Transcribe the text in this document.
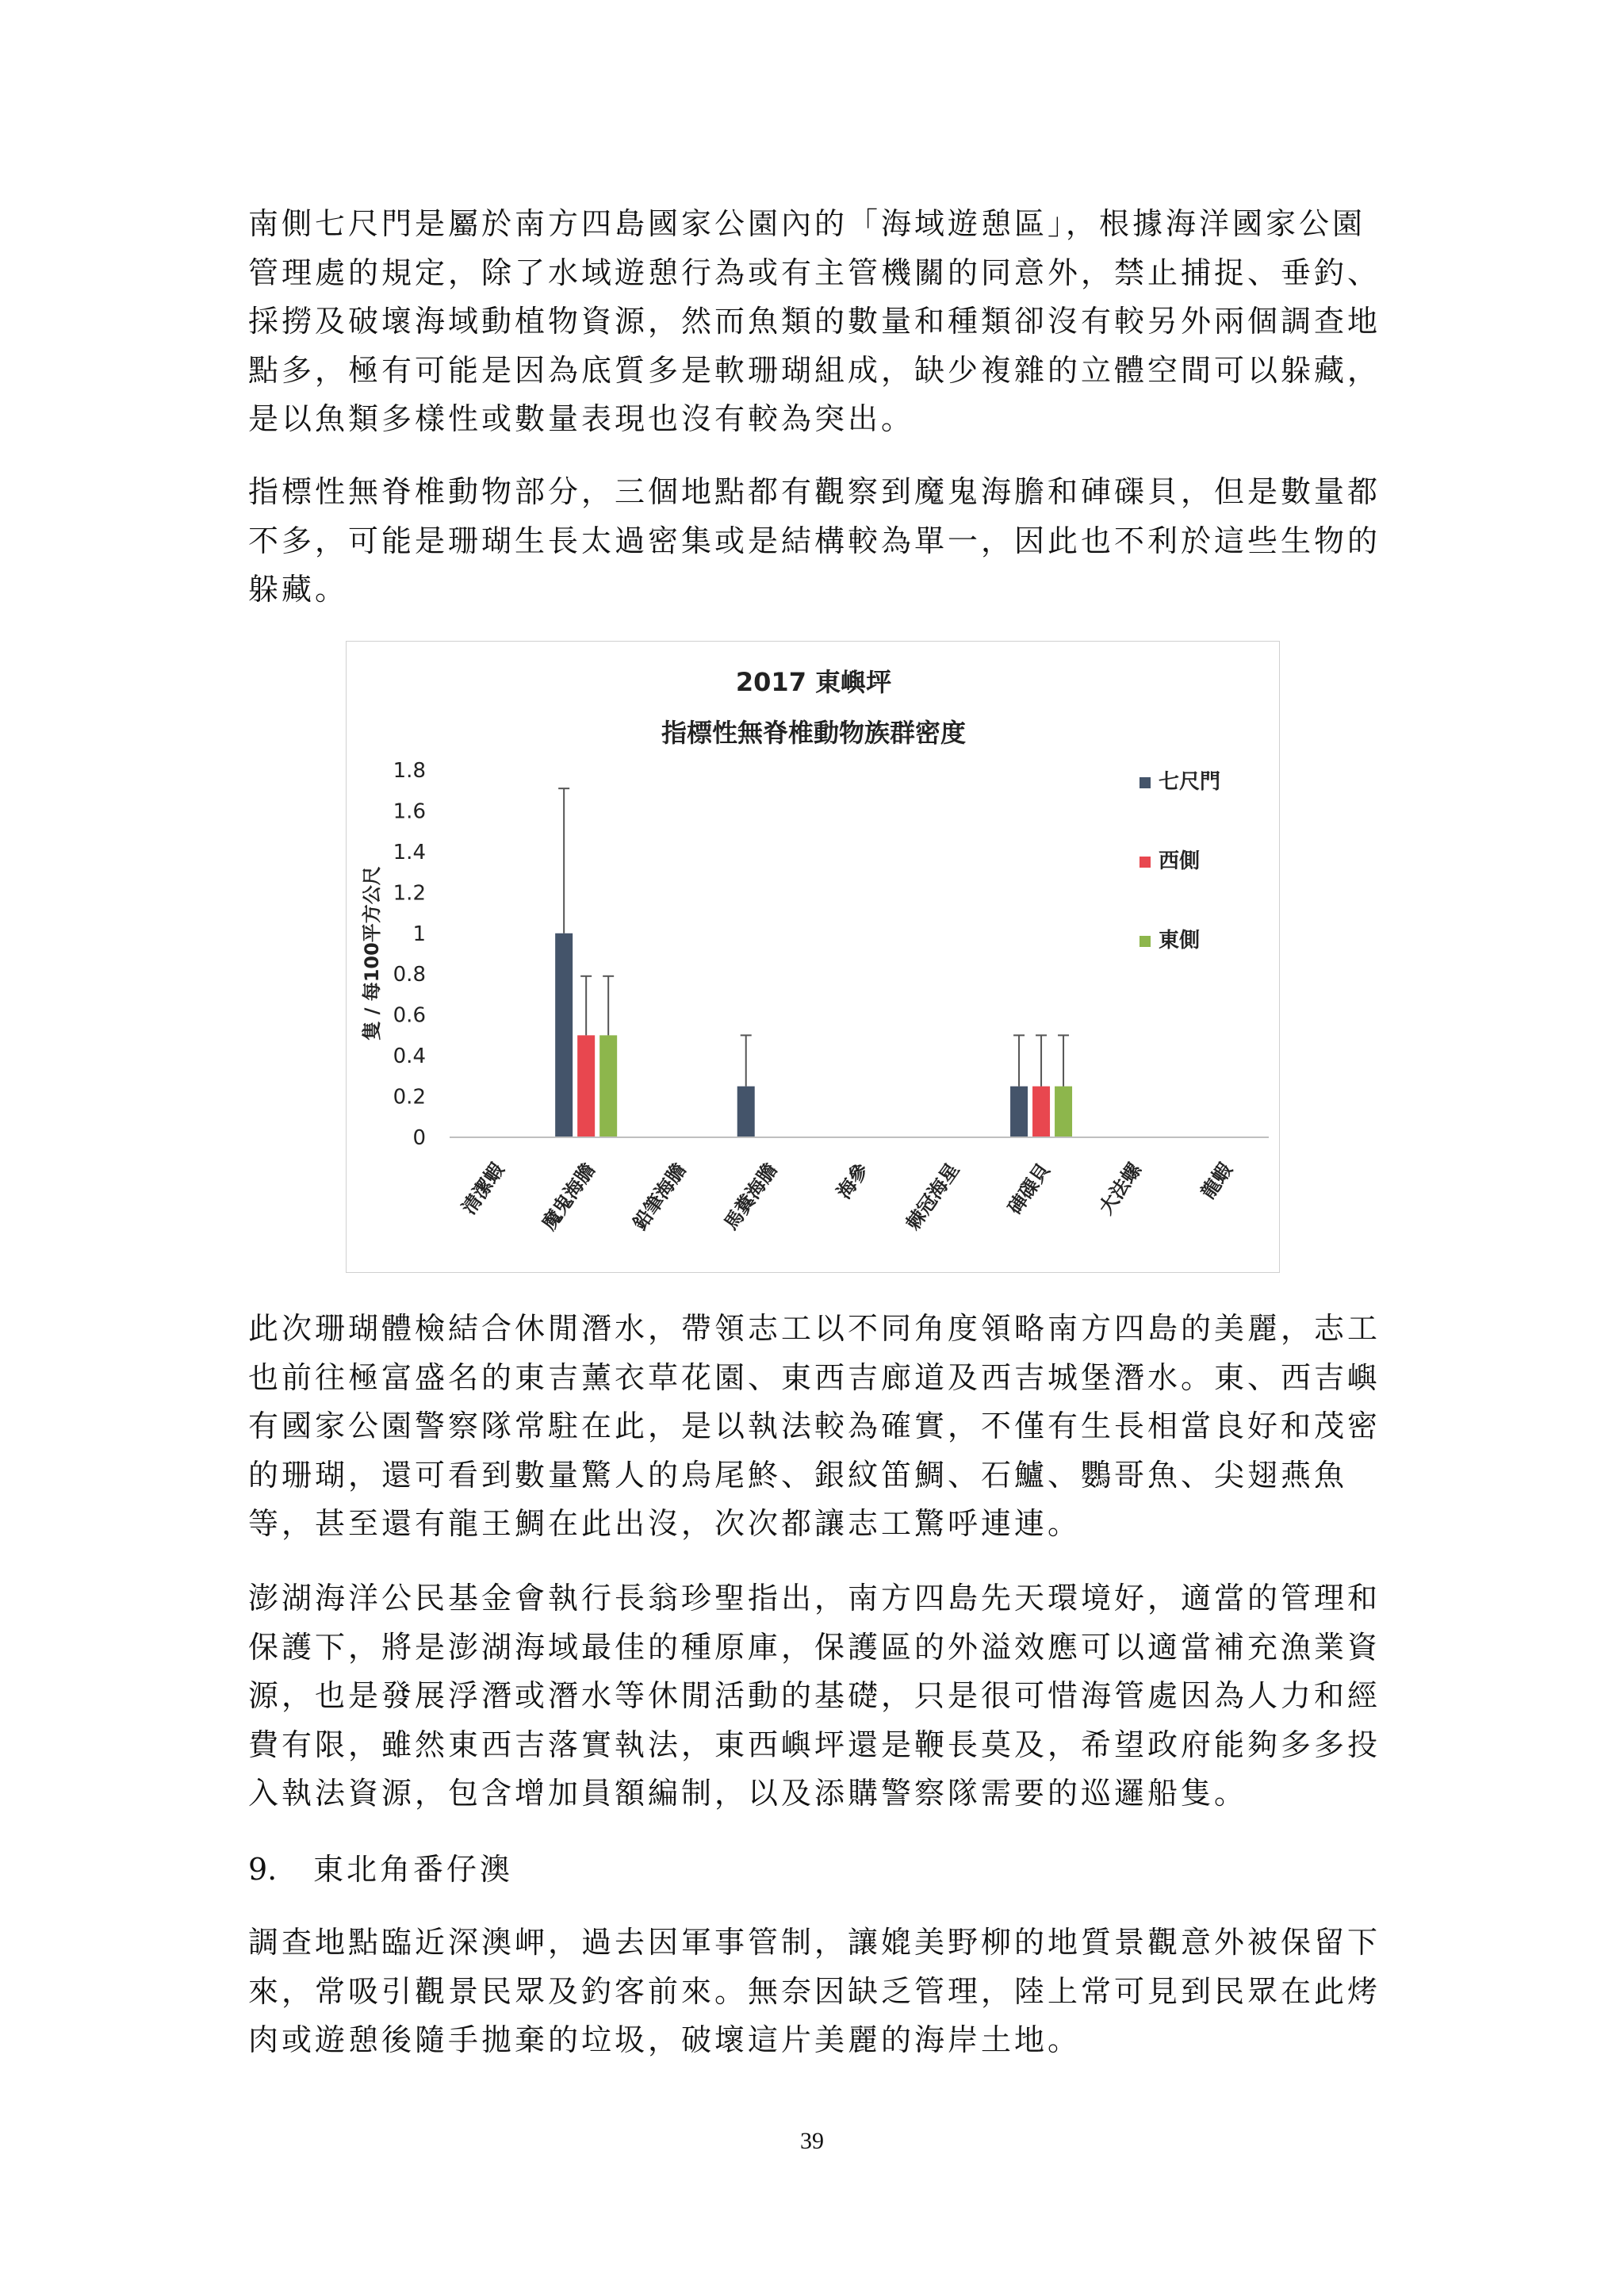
南側七尺門是屬於南方四島國家公園內的「海域遊憩區」，根據海洋國家公園
管理處的規定，除了水域遊憩行為或有主管機關的同意外，禁止捕捉、垂釣、
採撈及破壞海域動植物資源，然而魚類的數量和種類卻沒有較另外兩個調查地
點多，極有可能是因為底質多是軟珊瑚組成，缺少複雜的立體空間可以躲藏，
是以魚類多樣性或數量表現也沒有較為突出。
指標性無脊椎動物部分，三個地點都有觀察到魔鬼海膽和硨磲貝，但是數量都
不多，可能是珊瑚生長太過密集或是結構較為單一，因此也不利於這些生物的
躲藏。
2017 東嶼坪
指標性無脊椎動物族群密度
隻 / 每100平方公尺
0
0.2
0.4
0.6
0.8
1
1.2
1.4
1.6
1.8
清潔蝦 魔鬼海膽 鉛筆海膽 馬糞海膽	海參 棘冠海星 硨磲貝 大法螺	龍蝦
七尺門
西側
東側
此次珊瑚體檢結合休閒潛水，帶領志工以不同角度領略南方四島的美麗，志工
也前往極富盛名的東吉薰衣草花園、東西吉廊道及西吉城堡潛水。東、西吉嶼
有國家公園警察隊常駐在此，是以執法較為確實，不僅有生長相當良好和茂密
的珊瑚，還可看到數量驚人的烏尾鮗、銀紋笛鯛、石鱸、鸚哥魚、尖翅燕魚
等，甚至還有龍王鯛在此出沒，次次都讓志工驚呼連連。
澎湖海洋公民基金會執行長翁珍聖指出，南方四島先天環境好，適當的管理和
保護下，將是澎湖海域最佳的種原庫，保護區的外溢效應可以適當補充漁業資
源，也是發展浮潛或潛水等休閒活動的基礎，只是很可惜海管處因為人力和經
費有限，雖然東西吉落實執法，東西嶼坪還是鞭長莫及，希望政府能夠多多投
入執法資源，包含增加員額編制，以及添購警察隊需要的巡邏船隻。
9. 東北角番仔澳
調查地點臨近深澳岬，過去因軍事管制，讓媲美野柳的地質景觀意外被保留下
來，常吸引觀景民眾及釣客前來。無奈因缺乏管理，陸上常可見到民眾在此烤
肉或遊憩後隨手拋棄的垃圾，破壞這片美麗的海岸土地。
39
